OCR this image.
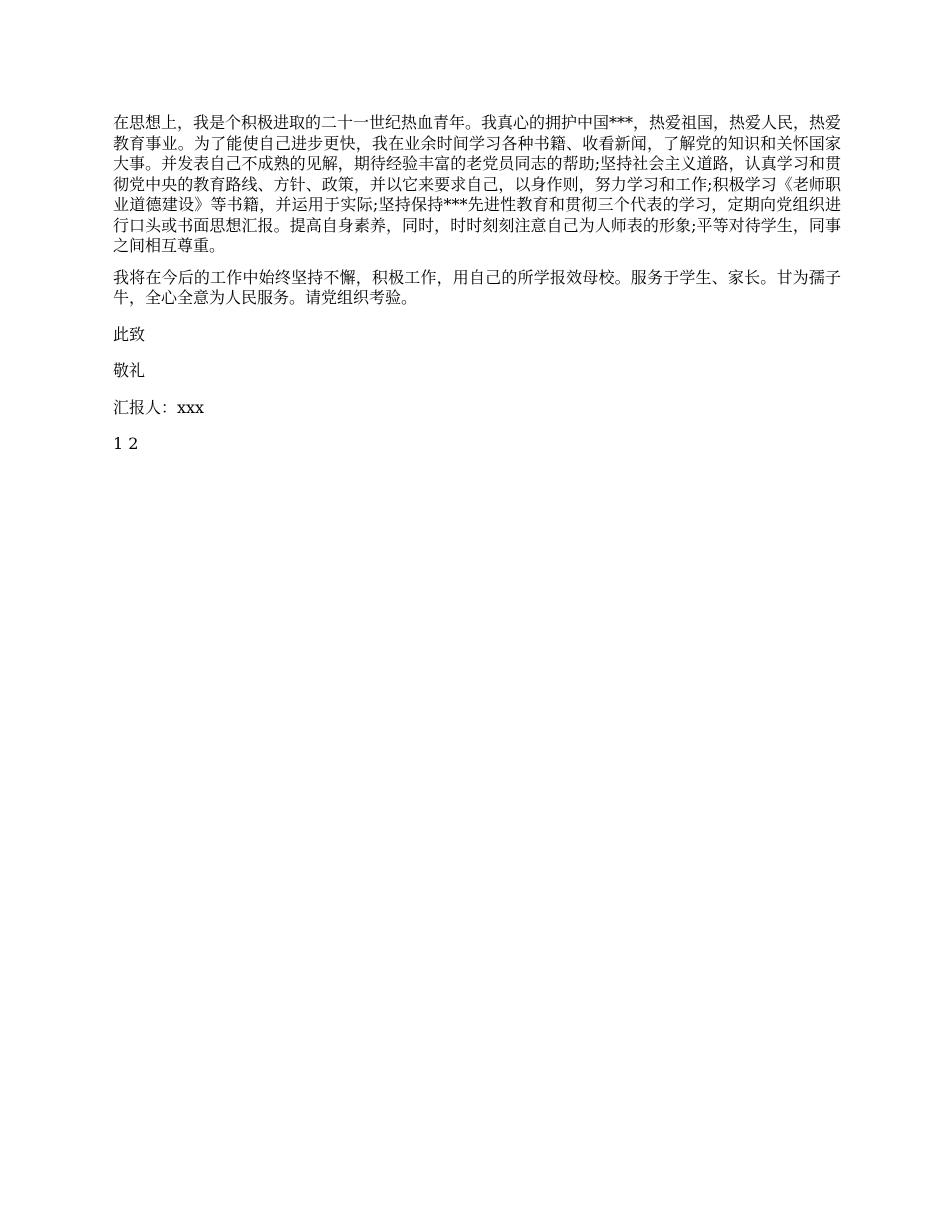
在思想上，我是个积极进取的二十一世纪热血青年。我真心的拥护中国***，热爱祖国，热爱人民，热爱教育事业。为了能使自己进步更快，我在业余时间学习各种书籍、收看新闻，了解党的知识和关怀国家大事。并发表自己不成熟的见解，期待经验丰富的老党员同志的帮助;坚持社会主义道路，认真学习和贯彻党中央的教育路线、方针、政策，并以它来要求自己，以身作则，努力学习和工作;积极学习《老师职业道德建设》等书籍，并运用于实际;坚持保持***先进性教育和贯彻三个代表的学习，定期向党组织进行口头或书面思想汇报。提高自身素养，同时，时时刻刻注意自己为人师表的形象;平等对待学生，同事之间相互尊重。

我将在今后的工作中始终坚持不懈，积极工作，用自己的所学报效母校。服务于学生、家长。甘为孺子牛，全心全意为人民服务。请党组织考验。

此致

敬礼

汇报人：xxx

1 2
